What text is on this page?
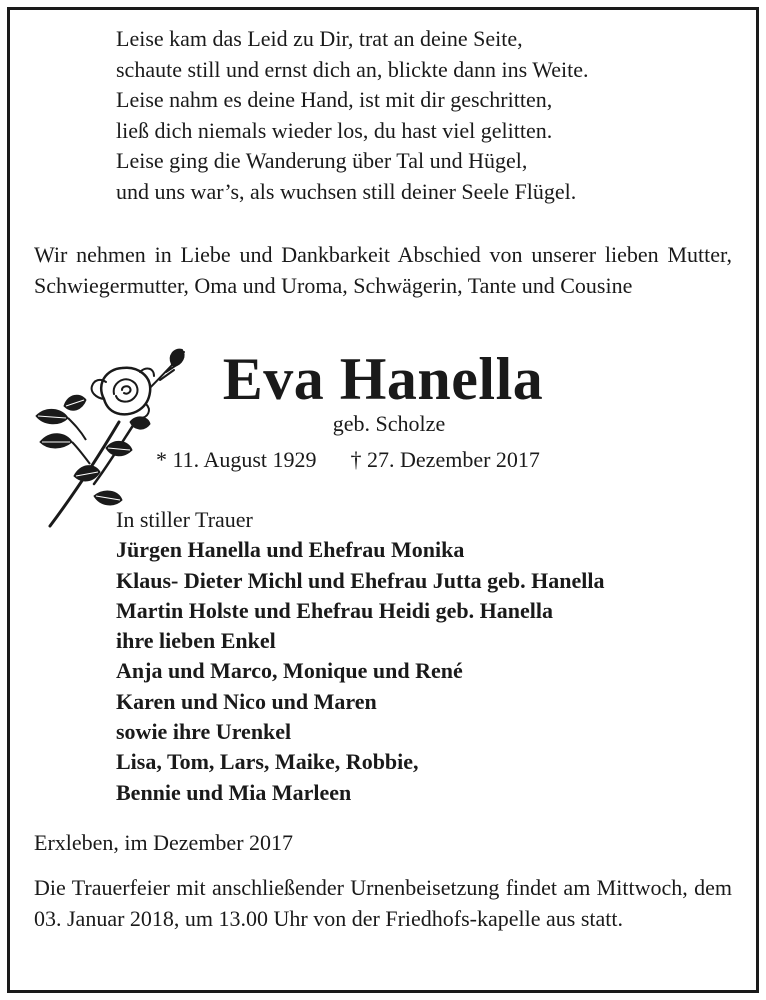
Leise kam das Leid zu Dir, trat an deine Seite,
schaute still und ernst dich an, blickte dann ins Weite.
Leise nahm es deine Hand, ist mit dir geschritten,
ließ dich niemals wieder los, du hast viel gelitten.
Leise ging die Wanderung über Tal und Hügel,
und uns war’s, als wuchsen still deiner Seele Flügel.
Wir nehmen in Liebe und Dankbarkeit Abschied von unserer lieben Mutter, Schwiegermutter, Oma und Uroma, Schwägerin, Tante und Cousine
Eva Hanella
geb. Scholze
* 11. August 1929 † 27. Dezember 2017
In stiller Trauer
Jürgen Hanella und Ehefrau Monika
Klaus- Dieter Michl und Ehefrau Jutta geb. Hanella
Martin Holste und Ehefrau Heidi geb. Hanella
ihre lieben Enkel
Anja und Marco, Monique und René
Karen und Nico und Maren
sowie ihre Urenkel
Lisa, Tom, Lars, Maike, Robbie,
Bennie und Mia Marleen
Erxleben, im Dezember 2017
Die Trauerfeier mit anschließender Urnenbeisetzung findet am Mittwoch, dem 03. Januar 2018, um 13.00 Uhr von der Friedhofs-kapelle aus statt.
